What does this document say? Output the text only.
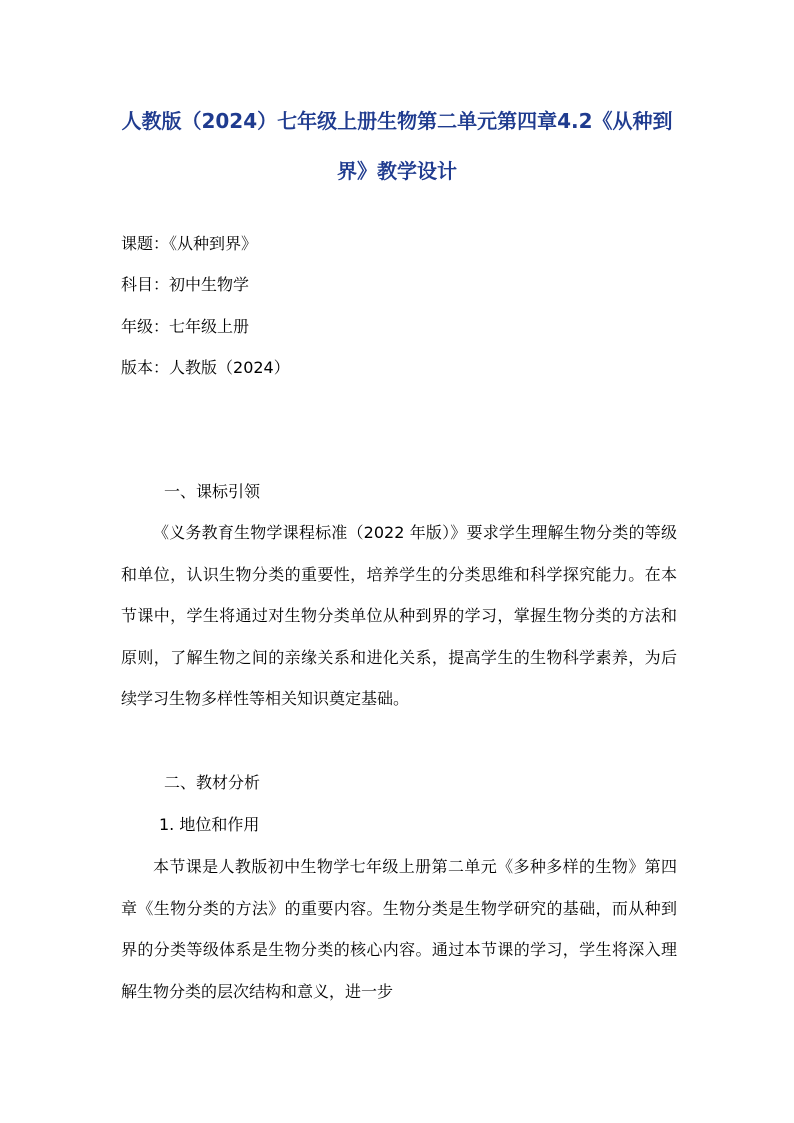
人教版（2024）七年级上册生物第二单元第四章4.2《从种到界》教学设计

课题：《从种到界》

科目：初中生物学

年级：七年级上册

版本：人教版（2024）

一、课标引领

《义务教育生物学课程标准（2022 年版）》要求学生理解生物分类的等级和单位，认识生物分类的重要性，培养学生的分类思维和科学探究能力。在本节课中，学生将通过对生物分类单位从种到界的学习，掌握生物分类的方法和原则，了解生物之间的亲缘关系和进化关系，提高学生的生物科学素养，为后续学习生物多样性等相关知识奠定基础。

二、教材分析

1. 地位和作用

本节课是人教版初中生物学七年级上册第二单元《多种多样的生物》第四章《生物分类的方法》的重要内容。生物分类是生物学研究的基础，而从种到界的分类等级体系是生物分类的核心内容。通过本节课的学习，学生将深入理解生物分类的层次结构和意义，进一步
